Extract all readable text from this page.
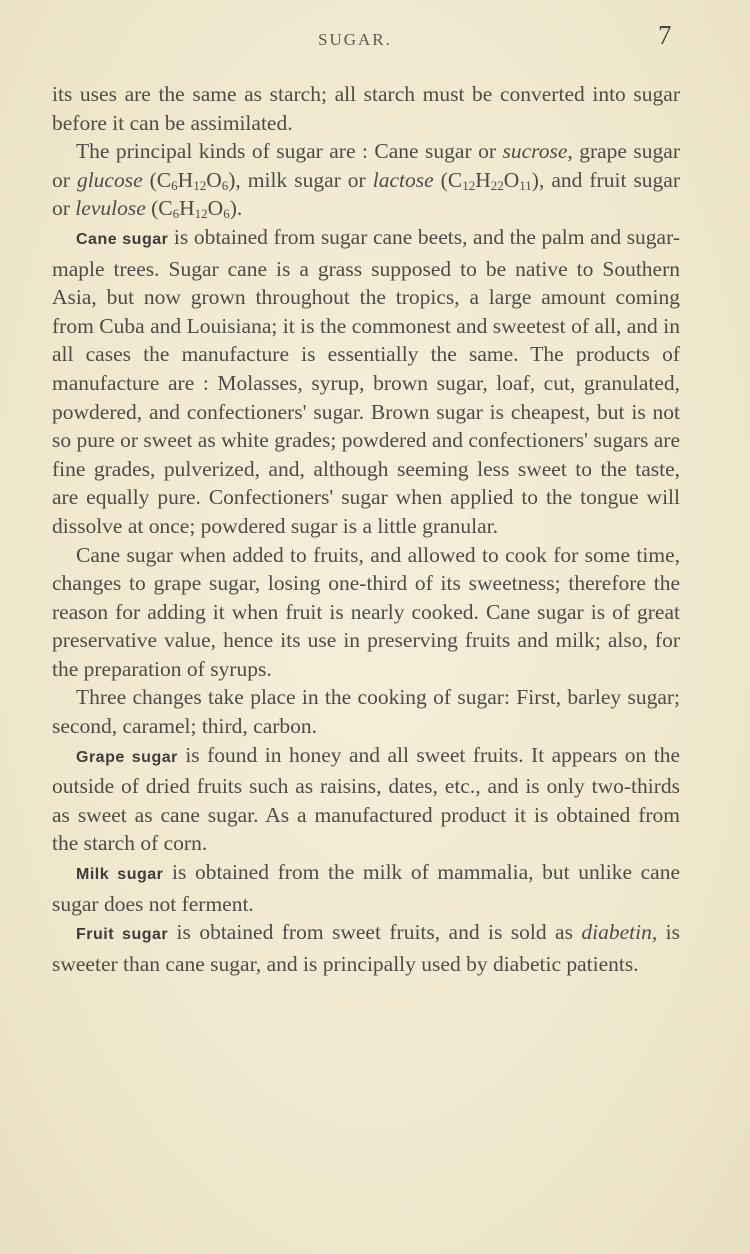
SUGAR.	7

its uses are the same as starch; all starch must be converted into sugar before it can be assimilated.

The principal kinds of sugar are : Cane sugar or sucrose, grape sugar or glucose $(C_6H_{12}O_6)$, milk sugar or lactose $(C_{12}H_{22}O_{11})$, and fruit sugar or levulose $(C_6H_{12}O_6)$.

Cane sugar is obtained from sugar cane beets, and the palm and sugar-maple trees. Sugar cane is a grass supposed to be native to Southern Asia, but now grown throughout the tropics, a large amount coming from Cuba and Louisiana; it is the commonest and sweetest of all, and in all cases the manufacture is essentially the same. The products of manufacture are : Molasses, syrup, brown sugar, loaf, cut, granulated, powdered, and confectioners' sugar. Brown sugar is cheapest, but is not so pure or sweet as white grades; powdered and confectioners' sugars are fine grades, pulverized, and, although seeming less sweet to the taste, are equally pure. Confectioners' sugar when applied to the tongue will dissolve at once; powdered sugar is a little granular.

Cane sugar when added to fruits, and allowed to cook for some time, changes to grape sugar, losing one-third of its sweetness; therefore the reason for adding it when fruit is nearly cooked. Cane sugar is of great preservative value, hence its use in preserving fruits and milk; also, for the preparation of syrups.

Three changes take place in the cooking of sugar: First, barley sugar; second, caramel; third, carbon.

Grape sugar is found in honey and all sweet fruits. It appears on the outside of dried fruits such as raisins, dates, etc., and is only two-thirds as sweet as cane sugar. As a manufactured product it is obtained from the starch of corn.

Milk sugar is obtained from the milk of mammalia, but unlike cane sugar does not ferment.

Fruit sugar is obtained from sweet fruits, and is sold as diabetin, is sweeter than cane sugar, and is principally used by diabetic patients.
